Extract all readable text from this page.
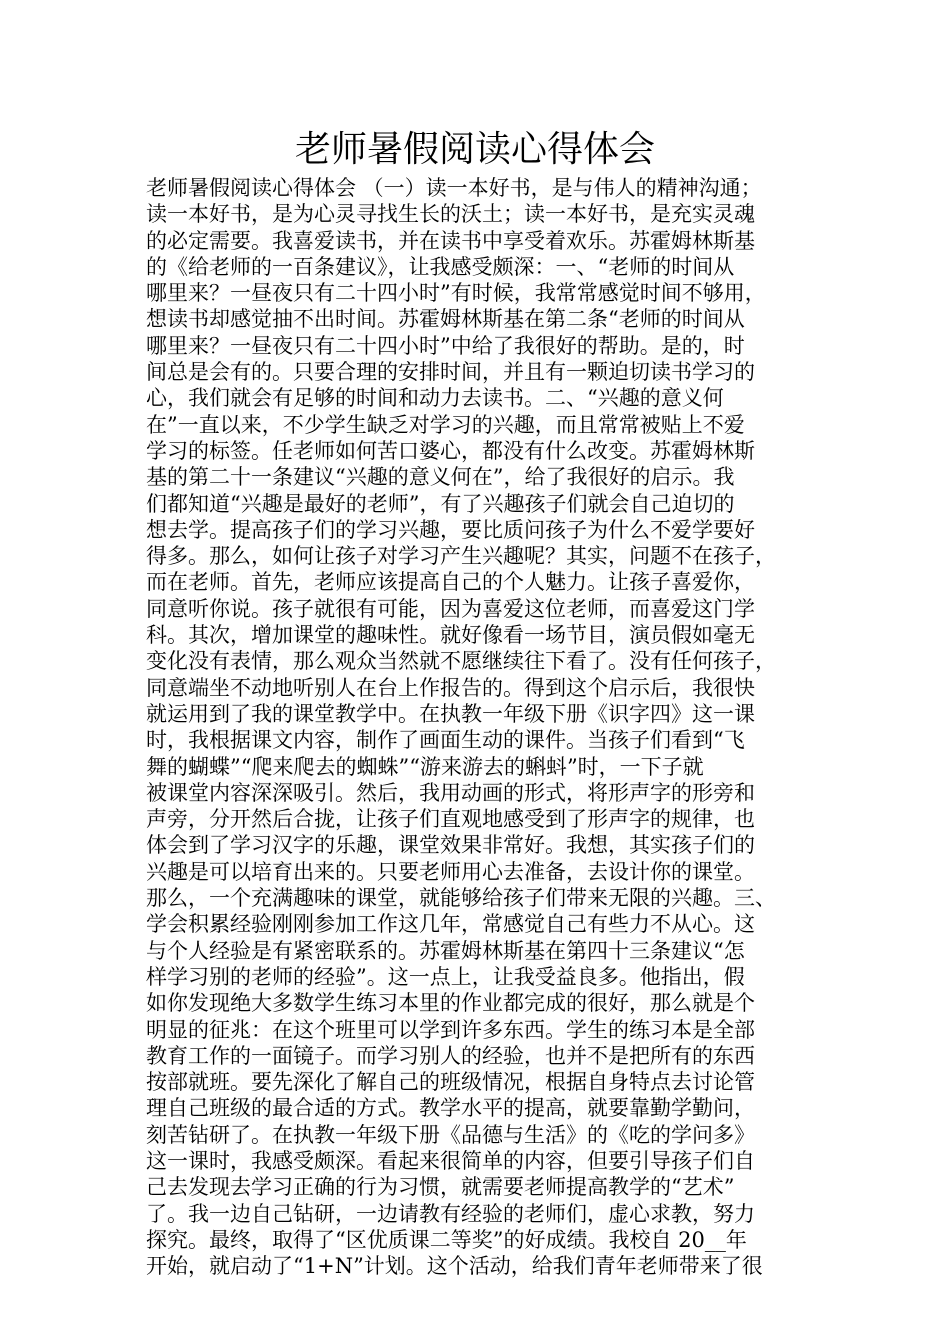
老师暑假阅读心得体会
老师暑假阅读心得体会 （一）读一本好书，是与伟人的精神沟通；
读一本好书，是为心灵寻找生长的沃土；读一本好书，是充实灵魂
的必定需要。我喜爱读书，并在读书中享受着欢乐。苏霍姆林斯基
的《给老师的一百条建议》，让我感受颇深：一、“老师的时间从
哪里来？一昼夜只有二十四小时”有时候，我常常感觉时间不够用，
想读书却感觉抽不出时间。苏霍姆林斯基在第二条“老师的时间从
哪里来？一昼夜只有二十四小时”中给了我很好的帮助。是的，时
间总是会有的。只要合理的安排时间，并且有一颗迫切读书学习的
心，我们就会有足够的时间和动力去读书。二、“兴趣的意义何
在”一直以来，不少学生缺乏对学习的兴趣，而且常常被贴上不爱
学习的标签。任老师如何苦口婆心，都没有什么改变。苏霍姆林斯
基的第二十一条建议“兴趣的意义何在”，给了我很好的启示。我
们都知道“兴趣是最好的老师”，有了兴趣孩子们就会自己迫切的
想去学。提高孩子们的学习兴趣，要比质问孩子为什么不爱学要好
得多。那么，如何让孩子对学习产生兴趣呢？其实，问题不在孩子，
而在老师。首先，老师应该提高自己的个人魅力。让孩子喜爱你，
同意听你说。孩子就很有可能，因为喜爱这位老师，而喜爱这门学
科。其次，增加课堂的趣味性。就好像看一场节目，演员假如毫无
变化没有表情，那么观众当然就不愿继续往下看了。没有任何孩子，
同意端坐不动地听别人在台上作报告的。得到这个启示后，我很快
就运用到了我的课堂教学中。在执教一年级下册《识字四》这一课
时，我根据课文内容，制作了画面生动的课件。当孩子们看到“飞
舞的蝴蝶”“爬来爬去的蜘蛛”“游来游去的蝌蚪”时，一下子就
被课堂内容深深吸引。然后，我用动画的形式，将形声字的形旁和
声旁，分开然后合拢，让孩子们直观地感受到了形声字的规律，也
体会到了学习汉字的乐趣，课堂效果非常好。我想，其实孩子们的
兴趣是可以培育出来的。只要老师用心去准备，去设计你的课堂。
那么，一个充满趣味的课堂，就能够给孩子们带来无限的兴趣。三、
学会积累经验刚刚参加工作这几年，常感觉自己有些力不从心。这
与个人经验是有紧密联系的。苏霍姆林斯基在第四十三条建议“怎
样学习别的老师的经验”。这一点上，让我受益良多。他指出，假
如你发现绝大多数学生练习本里的作业都完成的很好，那么就是个
明显的征兆：在这个班里可以学到许多东西。学生的练习本是全部
教育工作的一面镜子。而学习别人的经验，也并不是把所有的东西
按部就班。要先深化了解自己的班级情况，根据自身特点去讨论管
理自己班级的最合适的方式。教学水平的提高，就要靠勤学勤问，
刻苦钻研了。在执教一年级下册《品德与生活》的《吃的学问多》
这一课时，我感受颇深。看起来很简单的内容，但要引导孩子们自
己去发现去学习正确的行为习惯，就需要老师提高教学的“艺术”
了。我一边自己钻研，一边请教有经验的老师们，虚心求教，努力
探究。最终，取得了“区优质课二等奖”的好成绩。我校自 20__年
开始，就启动了“1+N”计划。这个活动，给我们青年老师带来了很
